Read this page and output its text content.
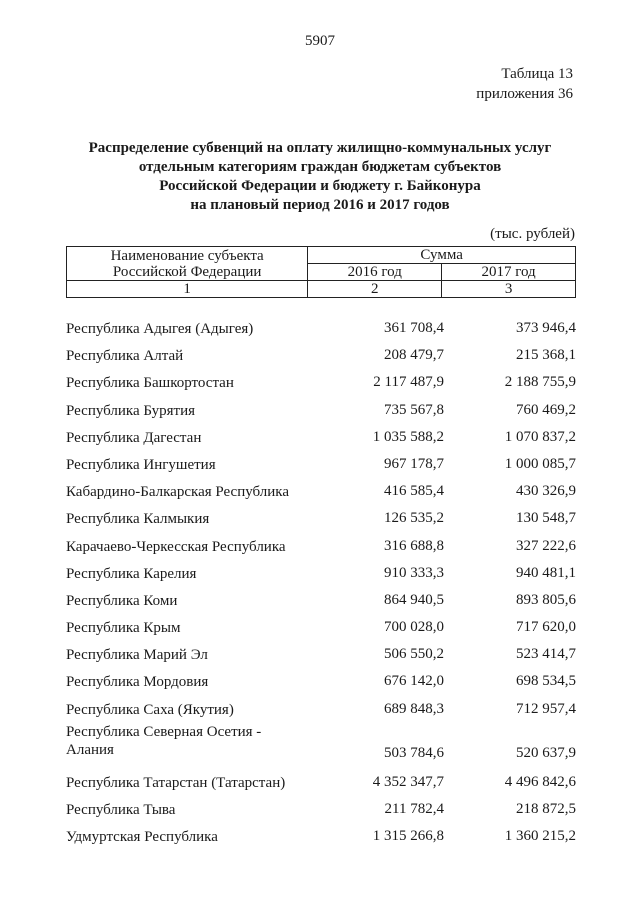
5907
Таблица 13
приложения 36
Распределение субвенций на оплату жилищно-коммунальных услуг
отдельным категориям граждан бюджетам субъектов
Российской Федерации и бюджету г. Байконура
на плановый период 2016 и 2017 годов
(тыс. рублей)
Наименование субъекта
Российской Федерации	Сумма	
	2016 год	2017 год
1	2	3
Республика Адыгея (Адыгея)	361 708,4	373 946,4
Республика Алтай	208 479,7	215 368,1
Республика Башкортостан	2 117 487,9	2 188 755,9
Республика Бурятия	735 567,8	760 469,2
Республика Дагестан	1 035 588,2	1 070 837,2
Республика Ингушетия	967 178,7	1 000 085,7
Кабардино-Балкарская Республика	416 585,4	430 326,9
Республика Калмыкия	126 535,2	130 548,7
Карачаево-Черкесская Республика	316 688,8	327 222,6
Республика Карелия	910 333,3	940 481,1
Республика Коми	864 940,5	893 805,6
Республика Крым	700 028,0	717 620,0
Республика Марий Эл	506 550,2	523 414,7
Республика Мордовия	676 142,0	698 534,5
Республика Саха (Якутия)	689 848,3	712 957,4
Республика Северная Осетия - Алания	503 784,6	520 637,9
Республика Татарстан (Татарстан)	4 352 347,7	4 496 842,6
Республика Тыва	211 782,4	218 872,5
Удмуртская Республика	1 315 266,8	1 360 215,2
